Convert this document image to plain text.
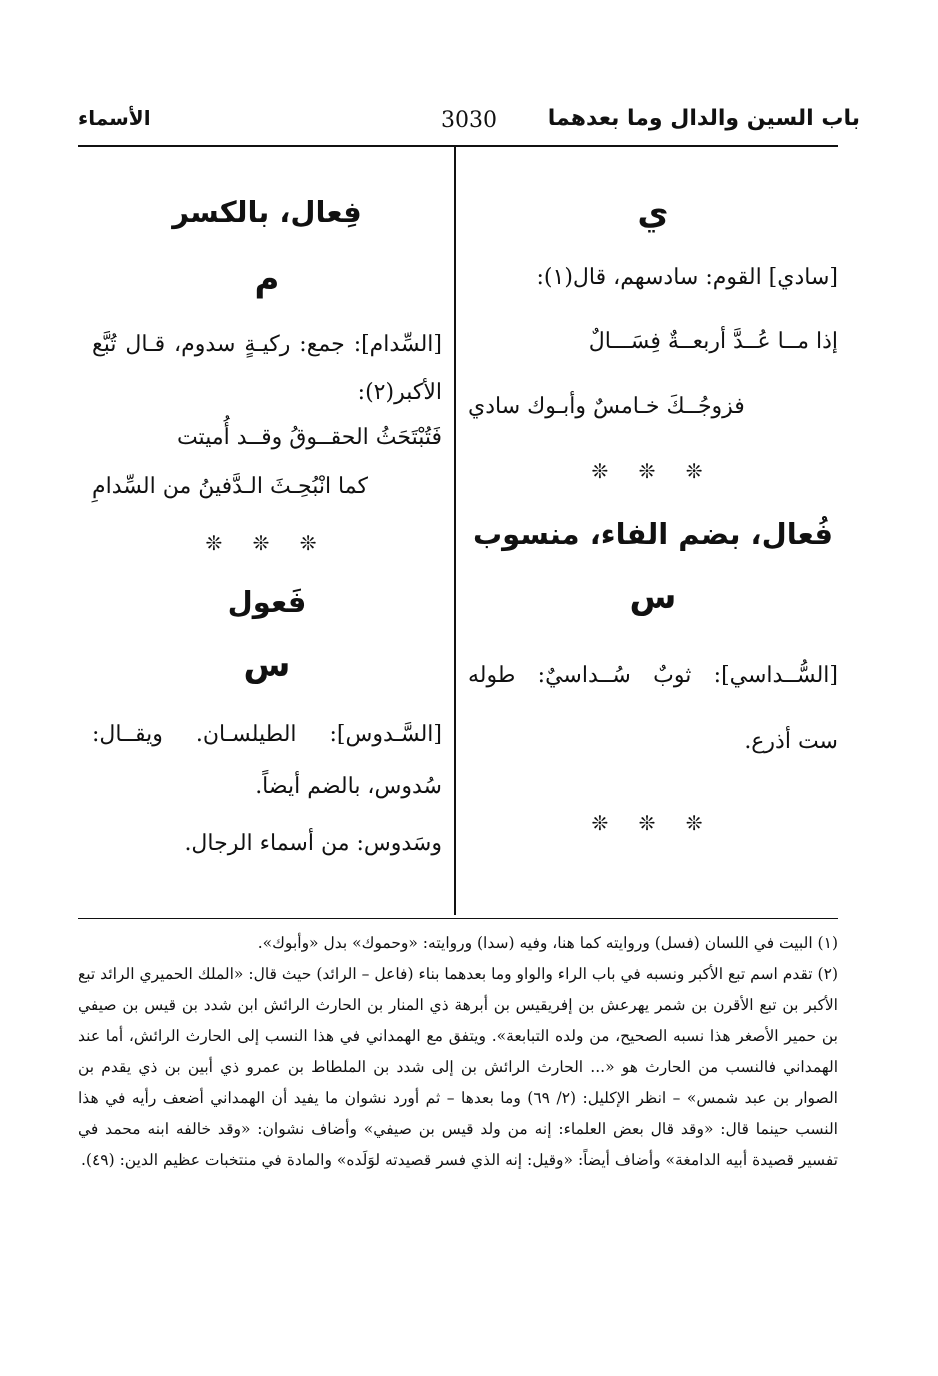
باب السين والدال وما بعدهما
3030
الأسماء
ي
[سادي] القوم: سادسهم، قال(١):
إذا مــا عُــدَّ أربعــةٌ فِسَـــالٌ
فزوجُــكَ خـامسٌ وأبـوك سادي
❊ ❊ ❊
فُعال، بضم الفاء، منسوب
س
[السُّــداسي]: ثوبٌ سُــداسيٌ: طوله ست أذرع.
❊ ❊ ❊
فِعال، بالكسر
م
[السِّدام]: جمع: ركيـةٍ سدوم، قـال تُبَّع الأكبر(٢):
فَتُبْتَحَثُ الحقــوقُ وقــد أُميتت
كما انْبُحِـثَ الـدَّفينُ من السِّدامِ
❊ ❊ ❊
فَعول
س
[السَّـدوس]: الطيلسـان. ويقــال: سُدوس، بالضم أيضاً.
وسَدوس: من أسماء الرجال.

(١) البيت في اللسان (فسل) وروايته كما هنا، وفيه (سدا) وروايته: «وحموك» بدل «وأبوك».

(٢) تقدم اسم تبع الأكبر ونسبه في باب الراء والواو وما بعدهما بناء (فاعل – الرائد) حيث قال: «الملك الحميري الرائد تبع الأكبر بن تبع الأقرن بن شمر يهرعش بن إفريقيس بن أبرهة ذي المنار بن الحارث الرائش ابن شدد بن قيس بن صيفي بن حمير الأصغر هذا نسبه الصحيح، من ولده التبابعة». ويتفق مع الهمداني في هذا النسب إلى الحارث الرائش، أما عند الهمداني فالنسب من الحارث هو «... الحارث الرائش بن إلى شدد بن الملطاط بن عمرو ذي أبين بن ذي يقدم بن الصوار بن عبد شمس» – انظر الإكليل: (٢/ ٦٩) وما بعدها – ثم أورد نشوان ما يفيد أن الهمداني أضعف رأيه في هذا النسب حينما قال: «وقد قال بعض العلماء: إنه من ولد قيس بن صيفي» وأضاف نشوان: «وقد خالفه ابنه محمد في تفسير قصيدة أبيه الدامغة» وأضاف أيضاً: «وقيل: إنه الذي فسر قصيدته لوَلَده» والمادة في منتخبات عظيم الدين: (٤٩).
